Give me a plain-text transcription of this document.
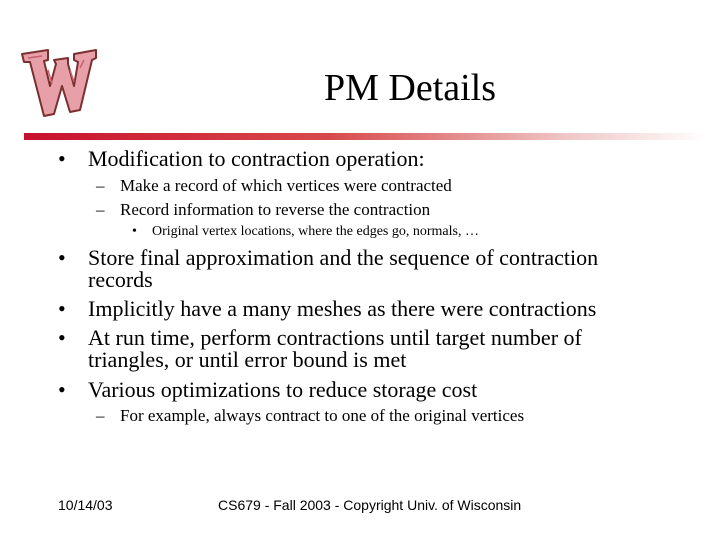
PM Details
• Modification to contraction operation:
– Make a record of which vertices were contracted
– Record information to reverse the contraction
• Original vertex locations, where the edges go, normals, …
• Store final approximation and the sequence of contraction records
• Implicitly have a many meshes as there were contractions
• At run time, perform contractions until target number of triangles, or until error bound is met
• Various optimizations to reduce storage cost
– For example, always contract to one of the original vertices
10/14/03	CS679 - Fall 2003 - Copyright Univ. of Wisconsin
